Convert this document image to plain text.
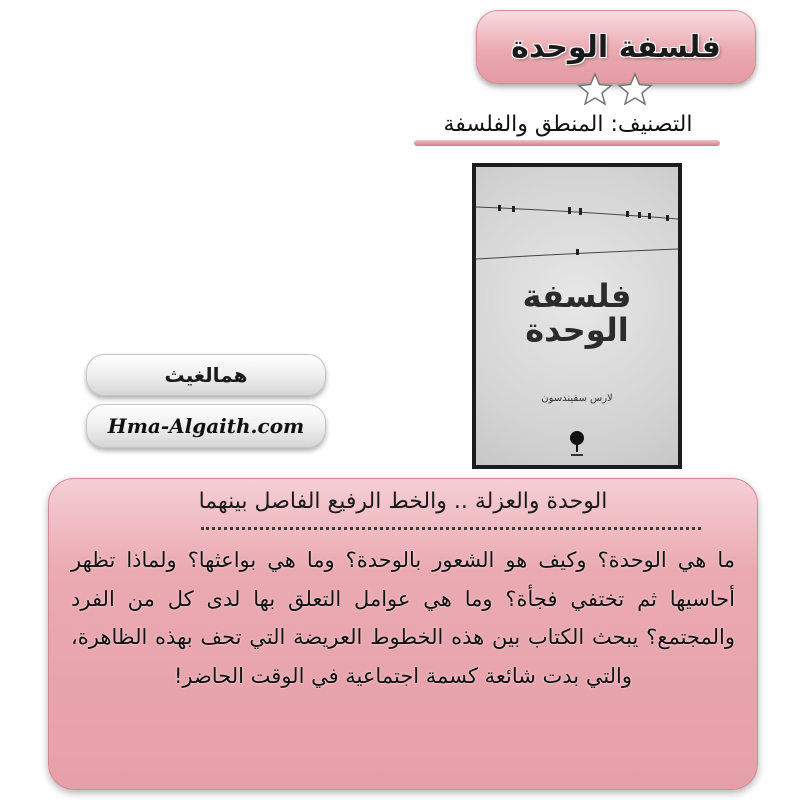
فلسفة الوحدة
التصنيف: المنطق والفلسفة
فلسفة
الوحدة
لارس سفيندسون
همالغيث
Hma-Algaith.com
الوحدة والعزلة .. والخط الرفيع الفاصل بينهما
ما هي الوحدة؟ وكيف هو الشعور بالوحدة؟ وما هي بواعثها؟ ولماذا تظهر أحاسيها ثم تختفي فجأة؟ وما هي عوامل التعلق بها لدى كل من الفرد والمجتمع؟ يبحث الكتاب بين هذه الخطوط العريضة التي تحف بهذه الظاهرة، والتي بدت شائعة كسمة اجتماعية في الوقت الحاضر!
